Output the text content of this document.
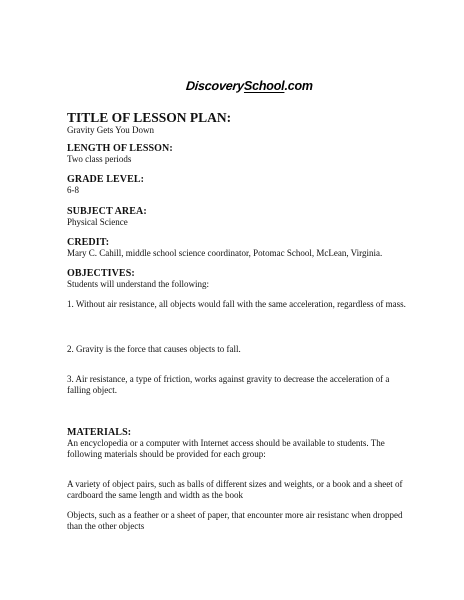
Discovery School .com

TITLE OF LESSON PLAN:

Gravity Gets You Down

LENGTH OF LESSON:

Two class periods

GRADE LEVEL:

6-8

SUBJECT AREA:

Physical Science

CREDIT:

Mary C. Cahill, middle school science coordinator, Potomac School, McLean, Virginia.

OBJECTIVES:

Students will understand the following:

1. Without air resistance, all objects would fall with the same acceleration, regardless of mass.

2. Gravity is the force that causes objects to fall.

3. Air resistance, a type of friction, works against gravity to decrease the acceleration of a falling object.

MATERIALS:

An encyclopedia or a computer with Internet access should be available to students. The following materials should be provided for each group:

A variety of object pairs, such as balls of different sizes and weights, or a book and a sheet of cardboard the same length and width as the book

Objects, such as a feather or a sheet of paper, that encounter more air resistanc when dropped than the other objects
